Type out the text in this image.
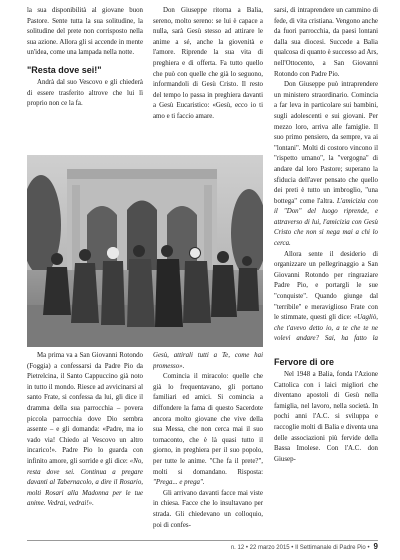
la sua disponibilità al giovane buon Pastore. Sente tutta la sua solitudine, la solitudine del prete non corrisposto nella sua azione. Allora gli si accende in mente un'idea, come una lampada nella notte.

"Resta dove sei!"

Andrà dal suo Vescovo e gli chiederà di essere trasferito altrove che lui lì proprio non ce la fa.

Don Giuseppe ritorna a Balia, sereno, molto sereno: se lui è capace a nulla, sarà Gesù stesso ad attirare le anime a sé, anche la giovenità e l'amore. Riprende la sua vita di preghiera e di offerta. Fa tutto quello che può con quelle che già lo seguono, informandoli di Gesù Cristo. Il resto del tempo lo passa in preghiera davanti a Gesù Eucaristico: «Gesù, ecco io ti amo e ti faccio amare.

sarsi, di intraprendere un cammino di fede, di vita cristiana. Vengono anche da fuori parrocchia, da paesi lontani dalla sua diocesi. Succede a Balia qualcosa di quanto è successo ad Ars, nell'Ottocento, a San Giovanni Rotondo con Padre Pio.

Don Giuseppe può intraprendere un ministero straordinario. Comincia a far leva in particolare sui bambini, sugli adolescenti e sui giovani. Per mezzo loro, arriva alle famiglie. Il suo primo pensiero, da sempre, va ai "lontani". Molti di costoro vincono il "rispetto umano", la "vergogna" di andare dal loro Pastore; superano la sfiducia dell'aver pensato che quello dei preti è tutto un imbroglio, "una bottega" come l'altra. L'amicizia con il "Don" del luogo riprende, e attraverso di lui, l'amicizia con Gesù Cristo che non si nega mai a chi lo cerca.

Allora sente il desiderio di organizzare un pellegrinaggio a San Giovanni Rotondo per ringraziare Padre Pio, e portargli le sue "conquiste". Quando giunge dal "terribile" e meraviglioso Frate con le stimmate, questi gli dice: «Uagliò, che t'avevo detto io, a te che te ne volevi andare? Sai, ha fatto la

Ma prima va a San Giovanni Rotondo (Foggia) a confessarsi da Padre Pio da Pietrelcina, il Santo Cappuccino già noto in tutto il mondo. Riesce ad avvicinarsi al santo Frate, si confessa da lui, gli dice il dramma della sua parrocchia – povera piccola parrocchia dove Dio sembra assente – e gli domanda: «Padre, ma io vado via! Chiedo al Vescovo un altro incarico!». Padre Pio lo guarda con infinito amore, gli sorride e gli dice: «No, resta dove sei. Continua a pregare davanti al Tabernacolo, a dire il Rosario, molti Rosari alla Madonna per le tue anime. Vedrai, vedrai!».

Gesù, attirali tutti a Te, come hai promesso».

Comincia il miracolo: quelle che già lo frequentavano, gli portano familiari ed amici. Si comincia a diffondere la fama di questo Sacerdote ancora molto giovane che vive della sua Messa, che non cerca mai il suo tornaconto, che è là quasi tutto il giorno, in preghiera per il suo popolo, per tutte le anime. "Che fa il prete?", molti si domandano. Risposta: "Prega... e prega".

Gli arrivano davanti facce mai viste in chiesa. Facce che lo insultavano per strada. Gli chiedevano un colloquio, poi di confes-

Fervore di ore

Nel 1948 a Balia, fonda l'Azione Cattolica con i laici migliori che diventano apostoli di Gesù nella famiglia, nel lavoro, nella società. In pochi anni l'A.C. si sviluppa e raccoglie molti di Balia e diventa una delle associazioni più fervide della Bassa Imolese. Con l'A.C. don Giusep-

n. 12 • 22 marzo 2015 • Il Settimanale di Padre Pio • 9
